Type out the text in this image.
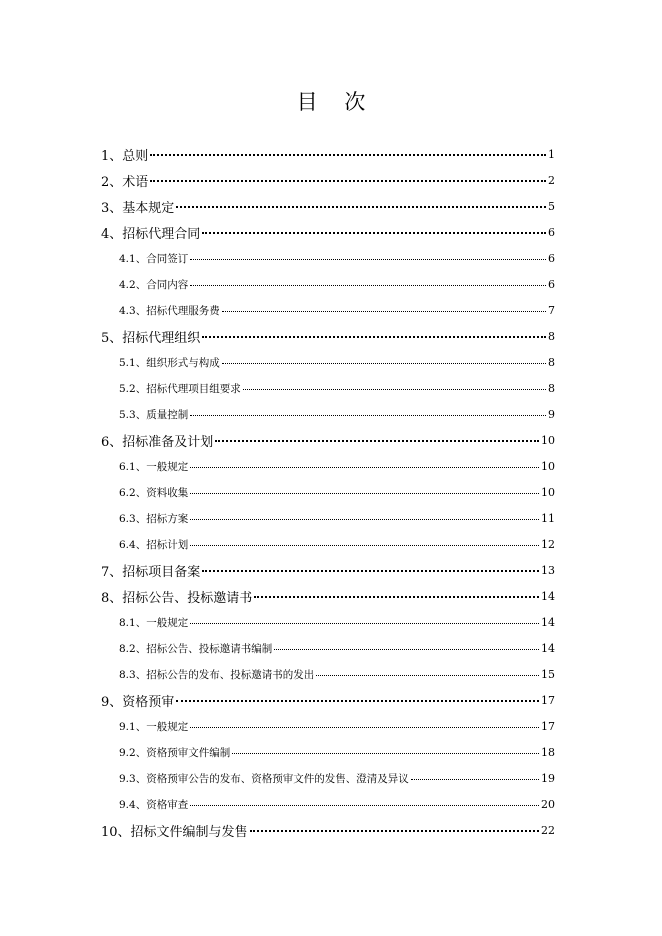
目 次
1、总则	1
2、术语	2
3、基本规定	5
4、招标代理合同	6
4.1、合同签订	6
4.2、合同内容	6
4.3、招标代理服务费	7
5、招标代理组织	8
5.1、组织形式与构成	8
5.2、招标代理项目组要求	8
5.3、质量控制	9
6、招标准备及计划	10
6.1、一般规定	10
6.2、资料收集	10
6.3、招标方案	11
6.4、招标计划	12
7、招标项目备案	13
8、招标公告、投标邀请书	14
8.1、一般规定	14
8.2、招标公告、投标邀请书编制	14
8.3、招标公告的发布、投标邀请书的发出	15
9、资格预审	17
9.1、一般规定	17
9.2、资格预审文件编制	18
9.3、资格预审公告的发布、资格预审文件的发售、澄清及异议	19
9.4、资格审查	20
10、招标文件编制与发售	22
